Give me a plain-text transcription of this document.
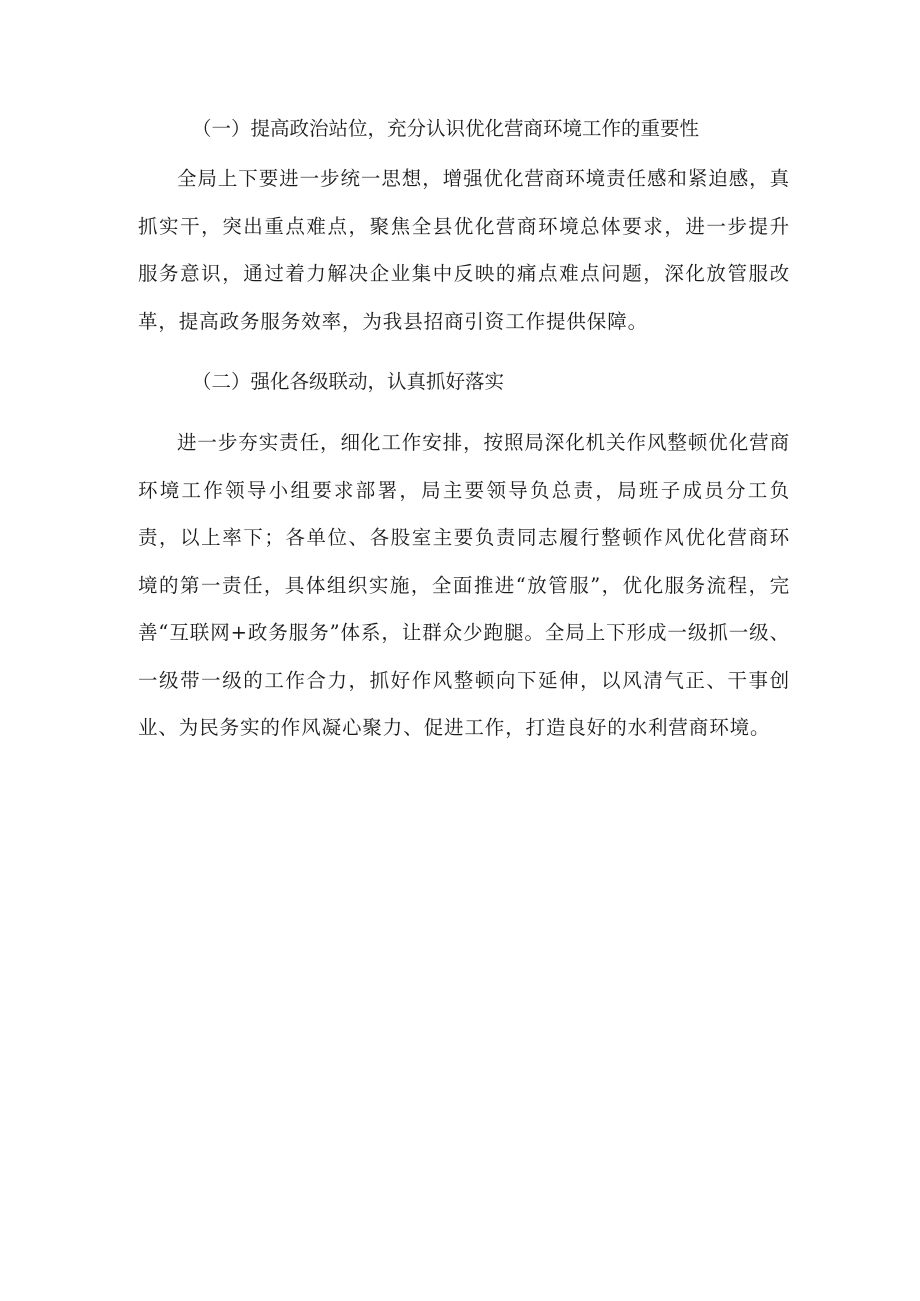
（一）提高政治站位，充分认识优化营商环境工作的重要性

全局上下要进一步统一思想，增强优化营商环境责任感和紧迫感，真抓实干，突出重点难点，聚焦全县优化营商环境总体要求，进一步提升服务意识，通过着力解决企业集中反映的痛点难点问题，深化放管服改革，提高政务服务效率，为我县招商引资工作提供保障。

（二）强化各级联动，认真抓好落实

进一步夯实责任，细化工作安排，按照局深化机关作风整顿优化营商环境工作领导小组要求部署，局主要领导负总责，局班子成员分工负责，以上率下；各单位、各股室主要负责同志履行整顿作风优化营商环境的第一责任，具体组织实施，全面推进“放管服”，优化服务流程，完善“互联网+政务服务”体系，让群众少跑腿。全局上下形成一级抓一级、一级带一级的工作合力，抓好作风整顿向下延伸，以风清气正、干事创业、为民务实的作风凝心聚力、促进工作，打造良好的水利营商环境。
